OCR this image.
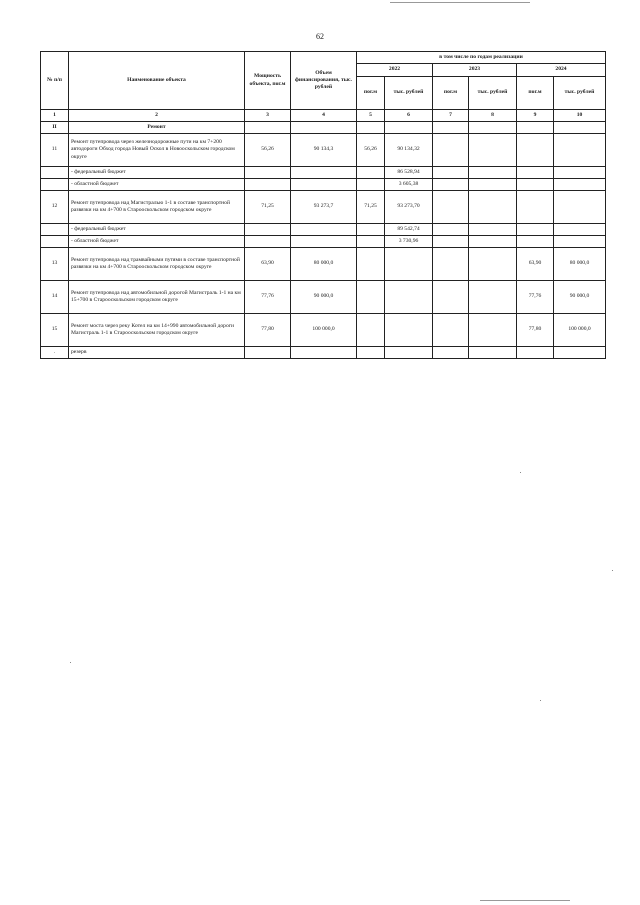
62
№ п/п	Наименование объекта	Мощность объекта, пог.м	Объем финансирования, тыс. рублей	в том числе по годам реализации					
				2022		2023		2024	
				пог.м	тыс. рублей	пог.м	тыс. рублей	пог.м	тыс. рублей
1	2	3	4	5	6	7	8	9	10
II	Ремонт								
11	Ремонт путепровода через железнодорожные пути на км 7+200 автодороги Обход города Новый Оскол в Новооскольском городском округе	56,26	90 134,3	56,26	90 134,32				
	- федеральный бюджет				86 528,94				
	- областной бюджет				3 605,38				
12	Ремонт путепровода над Магистралью 1-1 в составе транспортной развязки на км 4+700 в Старооскольском городском округе	71,25	93 273,7	71,25	93 273,70				
	- федеральный бюджет				89 542,74				
	- областной бюджет				3 730,96				
13	Ремонт путепровода над трамвайными путями в составе транспортной развязки на км 4+700 в Старооскольском городском округе	63,90	80 000,0					63,90	80 000,0
14	Ремонт путепровода над автомобильной дорогой Магистраль 1-1 на км 15+700 в Старооскольском городском округе	77,76	90 000,0					77,76	90 000,0
15	Ремонт моста через реку Котел на км 14+990 автомобильной дороги Магистраль 1-1 в Старооскольском городском округе	77,80	100 000,0					77,80	100 000,0
.	резерв								
